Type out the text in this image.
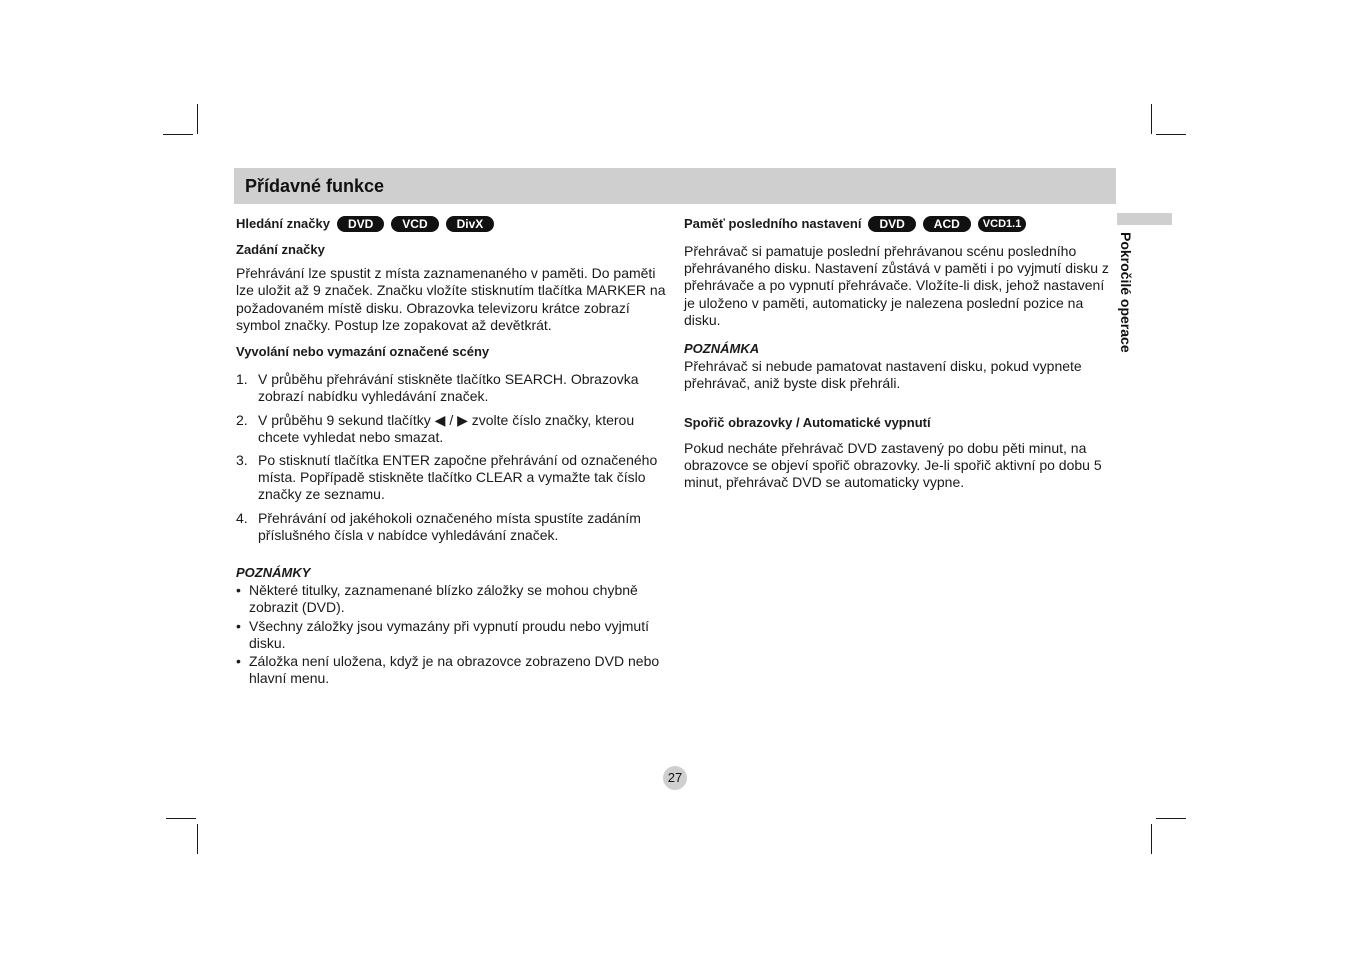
Přídavné funkce
Pokročilé operace
Hledání značky	DVD	VCD	DivX
Zadání značky

Přehrávání lze spustit z místa zaznamenaného v paměti. Do paměti lze uložit až 9 značek. Značku vložíte stisknutím tlačítka MARKER na požadovaném místě disku. Obrazovka televizoru krátce zobrazí symbol značky. Postup lze zopakovat až devětkrát.

Vyvolání nebo vymazání označené scény
1. V průběhu přehrávání stiskněte tlačítko SEARCH. Obrazovka zobrazí nabídku vyhledávání značek.
2. V průběhu 9 sekund tlačítky ◀ / ▶ zvolte číslo značky, kterou chcete vyhledat nebo smazat.
3. Po stisknutí tlačítka ENTER započne přehrávání od označeného místa. Popřípadě stiskněte tlačítko CLEAR a vymažte tak číslo značky ze seznamu.
4. Přehrávání od jakéhokoli označeného místa spustíte zadáním příslušného čísla v nabídce vyhledávání značek.
POZNÁMKY
• Některé titulky, zaznamenané blízko záložky se mohou chybně zobrazit (DVD).
• Všechny záložky jsou vymazány při vypnutí proudu nebo vyjmutí disku.
• Záložka není uložena, když je na obrazovce zobrazeno DVD nebo hlavní menu.
Paměť posledního nastavení	DVD	ACD	VCD1.1

Přehrávač si pamatuje poslední přehrávanou scénu posledního přehrávaného disku. Nastavení zůstává v paměti i po vyjmutí disku z přehrávače a po vypnutí přehrávače. Vložíte-li disk, jehož nastavení je uloženo v paměti, automaticky je nalezena poslední pozice na disku.

POZNÁMKA

Přehrávač si nebude pamatovat nastavení disku, pokud vypnete přehrávač, aniž byste disk přehráli.

Spořič obrazovky / Automatické vypnutí

Pokud necháte přehrávač DVD zastavený po dobu pěti minut, na obrazovce se objeví spořič obrazovky. Je-li spořič aktivní po dobu 5 minut, přehrávač DVD se automaticky vypne.

27
